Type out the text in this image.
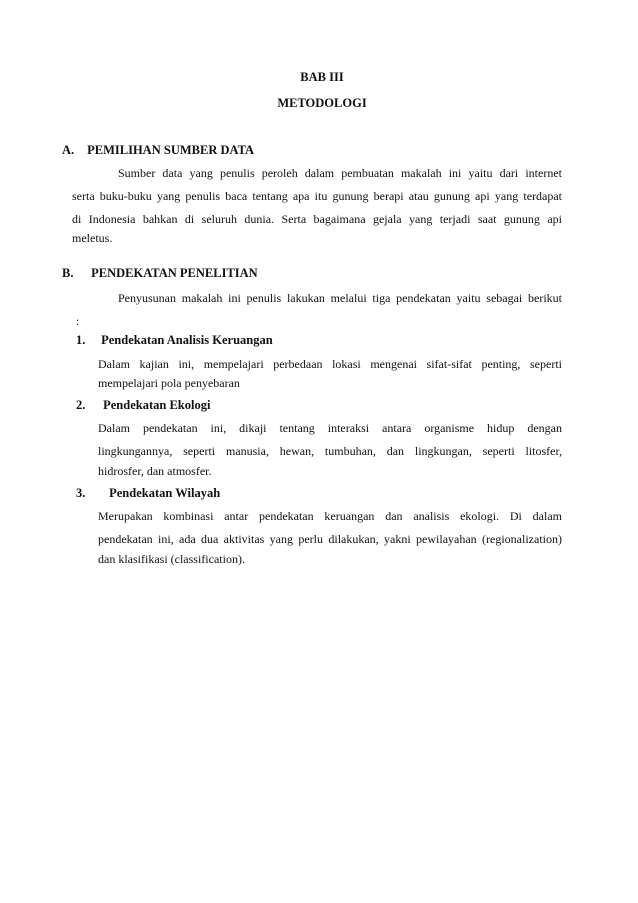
BAB III
METODOLOGI
A. PEMILIHAN SUMBER DATA
Sumber data yang penulis peroleh dalam pembuatan makalah ini yaitu dari internet
serta buku-buku yang penulis baca tentang apa itu gunung berapi atau gunung api yang terdapat
di Indonesia bahkan di seluruh dunia. Serta bagaimana gejala yang terjadi saat gunung api
meletus.
B. PENDEKATAN PENELITIAN
Penyusunan makalah ini penulis lakukan melalui tiga pendekatan yaitu sebagai berikut
:
1. Pendekatan Analisis Keruangan
Dalam kajian ini, mempelajari perbedaan lokasi mengenai sifat-sifat penting, seperti
mempelajari pola penyebaran
2. Pendekatan Ekologi
Dalam pendekatan ini, dikaji tentang interaksi antara organisme hidup dengan
lingkungannya, seperti manusia, hewan, tumbuhan, dan lingkungan, seperti litosfer,
hidrosfer, dan atmosfer.
3. Pendekatan Wilayah
Merupakan kombinasi antar pendekatan keruangan dan analisis ekologi. Di dalam
pendekatan ini, ada dua aktivitas yang perlu dilakukan, yakni pewilayahan (regionalization)
dan klasifikasi (classification).
